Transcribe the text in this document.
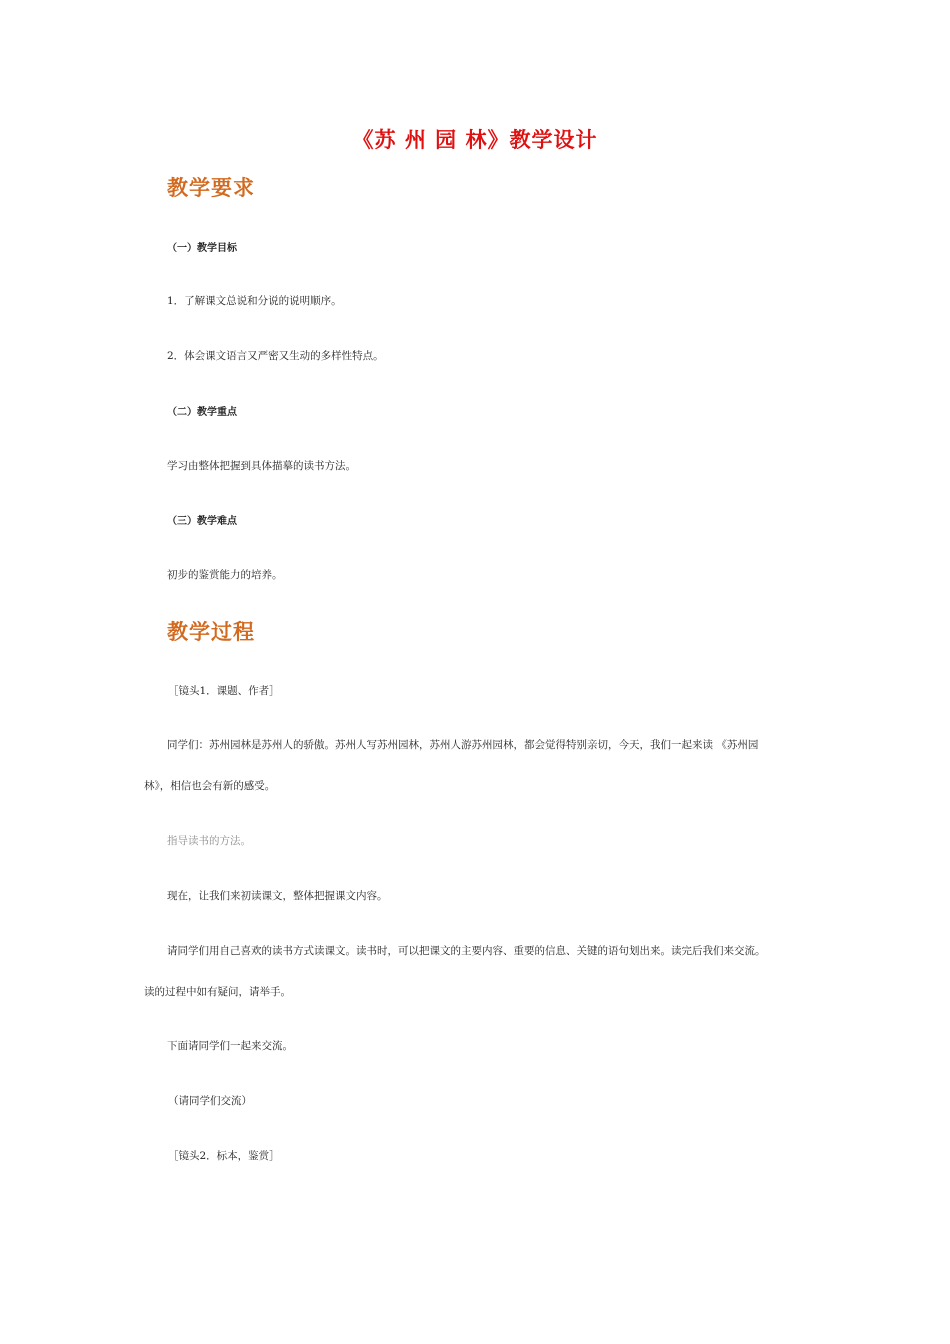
《苏 州 园 林》教学设计
教学要求
（一）教学目标
1．了解课文总说和分说的说明顺序。
2．体会课文语言又严密又生动的多样性特点。
（二）教学重点
学习由整体把握到具体描摹的读书方法。
（三）教学难点
初步的鉴赏能力的培养。
教学过程
［镜头1．课题、作者］
同学们：苏州园林是苏州人的骄傲。苏州人写苏州园林，苏州人游苏州园林，都会觉得特别亲切，今天，我们一起来读 《苏州园
林》，相信也会有新的感受。
指导读书的方法。
现在，让我们来初读课文，整体把握课文内容。
请同学们用自己喜欢的读书方式读课文。读书时，可以把课文的主要内容、重要的信息、关键的语句划出来。读完后我们来交流。
读的过程中如有疑问，请举手。
下面请同学们一起来交流。
（请同学们交流）
［镜头2．标本，鉴赏］
